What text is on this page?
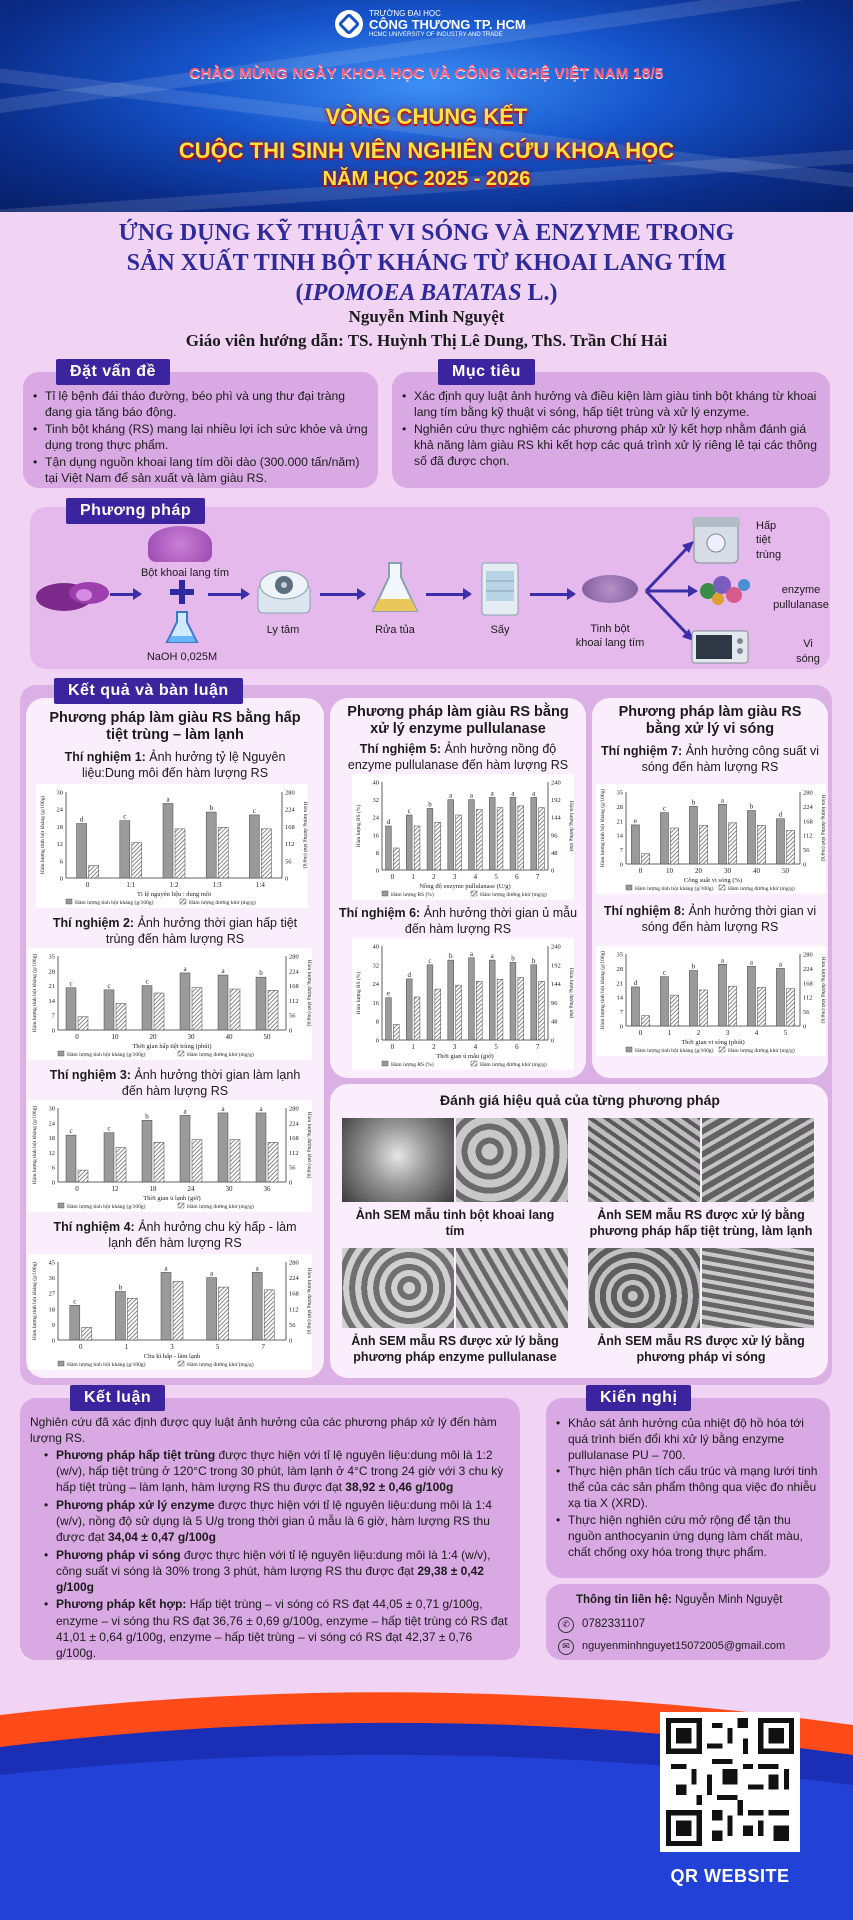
TRƯỜNG ĐẠI HỌC
CÔNG THƯƠNG TP. HCM
HCMC UNIVERSITY OF INDUSTRY AND TRADE
CHÀO MỪNG NGÀY KHOA HỌC VÀ CÔNG NGHỆ VIỆT NAM 18/5
VÒNG CHUNG KẾT
CUỘC THI SINH VIÊN NGHIÊN CỨU KHOA HỌC
NĂM HỌC 2025 - 2026
ỨNG DỤNG KỸ THUẬT VI SÓNG VÀ ENZYME TRONG
SẢN XUẤT TINH BỘT KHÁNG TỪ KHOAI LANG TÍM
(IPOMOEA BATATAS L.)
Nguyễn Minh Nguyệt
Giáo viên hướng dẫn: TS. Huỳnh Thị Lê Dung, ThS. Trần Chí Hải
• Tỉ lệ bệnh đái tháo đường, béo phì và ung thư đại tràng đang gia tăng báo động.
• Tinh bột kháng (RS) mang lại nhiều lợi ích sức khỏe và ứng dụng trong thực phẩm.
• Tận dụng nguồn khoai lang tím dồi dào (300.000 tấn/năm) tại Việt Nam để sản xuất và làm giàu RS.
Đặt vấn đề
• Xác định quy luật ảnh hưởng và điều kiện làm giàu tinh bột kháng từ khoai lang tím bằng kỹ thuật vi sóng, hấp tiệt trùng và xử lý enzyme.
• Nghiên cứu thực nghiệm các phương pháp xử lý kết hợp nhằm đánh giá khả năng làm giàu RS khi kết hợp các quá trình xử lý riêng lẻ tại các thông số đã được chọn.
Mục tiêu
Bột khoai lang tím
NaOH 0,025M
Ly tâm	Rửa tủa	Sấy	Tinh bột
khoai lang tím
Hấp
tiệt
trùng
enzyme
pullulanase
Vi
sóng
Phương pháp
Kết quả và bàn luận
Phương pháp làm giàu RS bằng hấp tiệt trùng – làm lạnh
Phương pháp làm giàu RS bằng xử lý enzyme pullulanase
Phương pháp làm giàu RS bằng xử lý vi sóng
Thí nghiệm 1: Ảnh hưởng tỷ lệ Nguyên liệu:Dung môi đến hàm lượng RS
Thí nghiệm 2: Ảnh hưởng thời gian hấp tiệt trùng đến hàm lượng RS
Thí nghiệm 3: Ảnh hưởng thời gian làm lạnh đến hàm lượng RS
Thí nghiệm 4: Ảnh hưởng chu kỳ hấp - làm lạnh đến hàm lượng RS
Thí nghiệm 5: Ảnh hưởng nồng độ enzyme pullulanase đến hàm lượng RS
Thí nghiệm 6: Ảnh hưởng thời gian ủ mẫu đến hàm lượng RS
Thí nghiệm 7: Ảnh hưởng công suất vi sóng đến hàm lượng RS
Thí nghiệm 8: Ảnh hưởng thời gian vi sóng đến hàm lượng RS
0	0
6	56
12	112
18	168
24	224
30	280
d
0
c
1:1
a
1:2
b
1:3
c
1:4
Tỉ lệ nguyên liệu : dung môi
Hàm lượng tinh bột kháng (g/100g)	Hàm lượng đường khử (mg/g)
Hàm lượng tinh bột kháng (g/100g)	Hàm lượng đường khử (mg/g)
0	0
7	56
14	112
21	168
28	224
35	280
c
0
c
10
c
20
a
30
a
40
b
50
Thời gian hấp tiệt trùng (phút)
Hàm lượng tinh bột kháng (g/100g)	Hàm lượng đường khử (mg/g)
Hàm lượng tinh bột kháng (g/100g)	Hàm lượng đường khử (mg/g)
0	0
6	56
12	112
18	168
24	224
30	280
c
0
c
12
b
18
a
24
a
30
a
36
Thời gian ủ lạnh (giờ)
Hàm lượng tinh bột kháng (g/100g)	Hàm lượng đường khử (mg/g)
Hàm lượng tinh bột kháng (g/100g)	Hàm lượng đường khử (mg/g)
0	0
9	56
18	112
27	168
36	224
45	280
c
0
b
1
a
3
a
5
a
7
Chu kì hấp - làm lạnh
Hàm lượng tinh bột kháng (g/100g)	Hàm lượng đường khử (mg/g)
Hàm lượng tinh bột kháng (g/100g)	Hàm lượng đường khử (mg/g)
0	0
8	48
16	96
24	144
32	192
40	240
d
0
c
1
b
2
a
3
a
4
a
5
a
6
a
7
Nồng độ enzyme pullulanase (U/g)
Hàm lượng RS (%)	Hàm lượng đường khử
Hàm lượng RS (%)	Hàm lượng đường khử (mg/g)
0	0
8	48
16	96
24	144
32	192
40	240
e
0
d
1
c
2
b
3
a
4
a
5
b
6
b
7
Thời gian ủ mẫu (giờ)
Hàm lượng RS (%)	Hàm lượng đường khử
Hàm lượng RS (%)	Hàm lượng đường khử (mg/g)
0	0
7	56
14	112
21	168
28	224
35	280
e
0
c
10
b
20
a
30
b
40
d
50
Công suất vi sóng (%)
Hàm lượng tinh bột kháng (g/100g)	Hàm lượng đường khử (mg/g)
Hàm lượng tinh bột kháng (g/100g)	Hàm lượng đường khử (mg/g)
0	0
7	56
14	112
21	168
28	224
35	280
d
0
c
1
b
2
a
3
a
4
a
5
Thời gian vi sóng (phút)
Hàm lượng tinh bột kháng (g/100g)	Hàm lượng đường khử (mg/g)
Hàm lượng tinh bột kháng (g/100g)	Hàm lượng đường khử (mg/g)
Đánh giá hiệu quả của từng phương pháp
Ảnh SEM mẫu tinh bột khoai lang tím
Ảnh SEM mẫu RS được xử lý bằng phương pháp hấp tiệt trùng, làm lạnh
Ảnh SEM mẫu RS được xử lý bằng phương pháp enzyme pullulanase
Ảnh SEM mẫu RS được xử lý bằng phương pháp vi sóng
Nghiên cứu đã xác định được quy luật ảnh hưởng của các phương pháp xử lý đến hàm lượng RS.
• Phương pháp hấp tiệt trùng được thực hiện với tỉ lệ nguyên liệu:dung môi là 1:2 (w/v), hấp tiệt trùng ở 120°C trong 30 phút, làm lạnh ở 4°C trong 24 giờ với 3 chu kỳ hấp tiệt trùng – làm lạnh, hàm lượng RS thu được đạt 38,92 ± 0,46 g/100g
• Phương pháp xử lý enzyme được thực hiện với tỉ lệ nguyên liệu:dung môi là 1:4 (w/v), nồng độ sử dụng là 5 U/g trong thời gian ủ mẫu là 6 giờ, hàm lượng RS thu được đạt 34,04 ± 0,47 g/100g
• Phương pháp vi sóng được thực hiện với tỉ lệ nguyên liệu:dung môi là 1:4 (w/v), công suất vi sóng là 30% trong 3 phút, hàm lượng RS thu được đạt 29,38 ± 0,42 g/100g
• Phương pháp kết hợp: Hấp tiệt trùng – vi sóng có RS đạt 44,05 ± 0,71 g/100g, enzyme – vi sóng thu RS đạt 36,76 ± 0,69 g/100g, enzyme – hấp tiệt trùng có RS đạt 41,01 ± 0,64 g/100g, enzyme – hấp tiệt trùng – vi sóng có RS đạt 42,37 ± 0,76 g/100g.
Kết luận
• Khảo sát ảnh hưởng của nhiệt độ hồ hóa tới quá trình biến đổi khi xử lý bằng enzyme pullulanase PU – 700.
• Thực hiện phân tích cấu trúc và mạng lưới tinh thể của các sản phẩm thông qua việc đo nhiễu xạ tia X (XRD).
• Thực hiện nghiên cứu mở rộng để tận thu nguồn anthocyanin ứng dụng làm chất màu, chất chống oxy hóa trong thực phẩm.
Kiến nghị
Thông tin liên hệ: Nguyễn Minh Nguyệt
✆	0782331107
✉	nguyenminhnguyet15072005@gmail.com
QR WEBSITE
